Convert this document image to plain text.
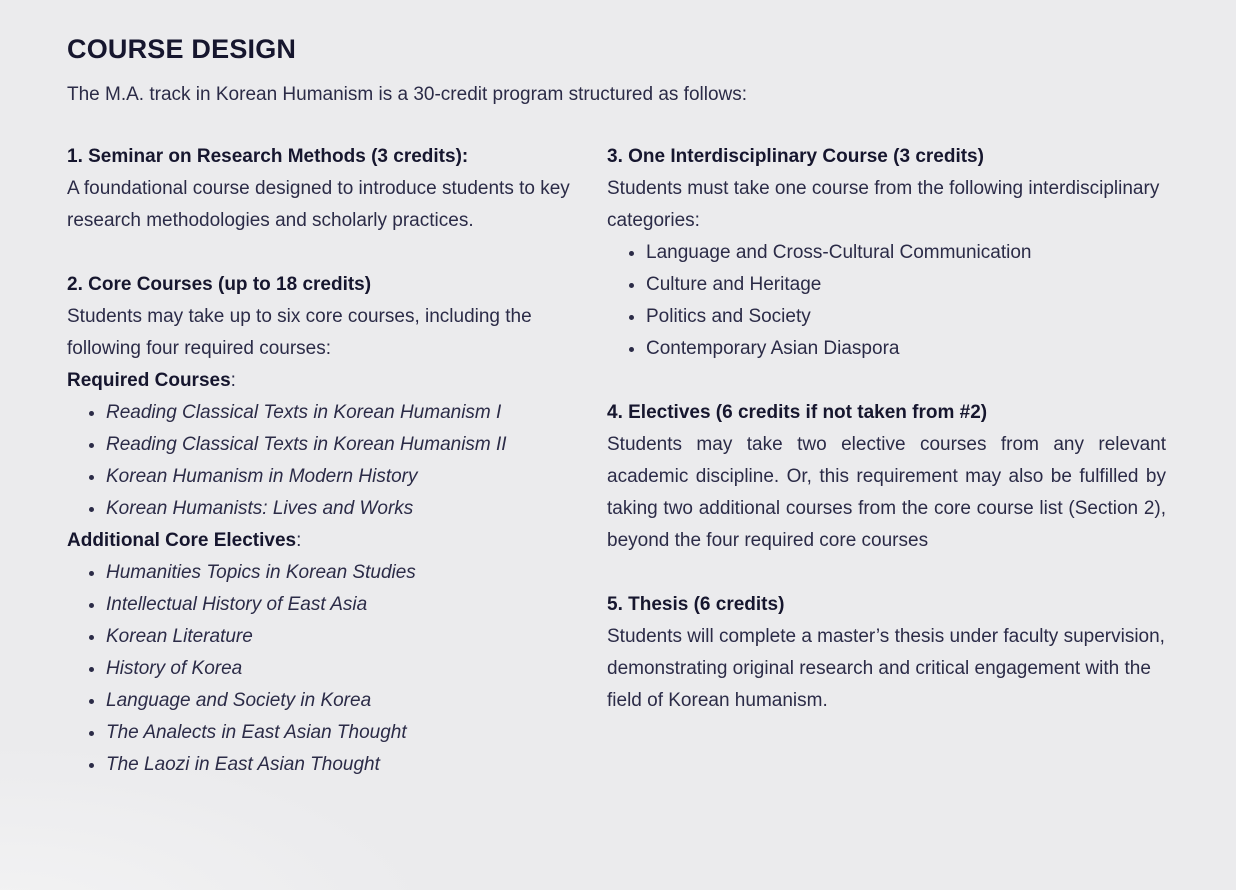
COURSE DESIGN

The M.A. track in Korean Humanism is a 30-credit program structured as follows:

1. Seminar on Research Methods (3 credits):

A foundational course designed to introduce students to key research methodologies and scholarly practices.

2. Core Courses (up to 18 credits)

Students may take up to six core courses, including the following four required courses:

Required Courses:

• Reading Classical Texts in Korean Humanism I
• Reading Classical Texts in Korean Humanism II
• Korean Humanism in Modern History
• Korean Humanists: Lives and Works

Additional Core Electives:

• Humanities Topics in Korean Studies
• Intellectual History of East Asia
• Korean Literature
• History of Korea
• Language and Society in Korea
• The Analects in East Asian Thought
• The Laozi in East Asian Thought
3. One Interdisciplinary Course (3 credits)

Students must take one course from the following interdisciplinary categories:

• Language and Cross-Cultural Communication
• Culture and Heritage
• Politics and Society
• Contemporary Asian Diaspora
4. Electives (6 credits if not taken from #2)

Students may take two elective courses from any relevant academic discipline. Or, this requirement may also be fulfilled by taking two additional courses from the core course list (Section 2), beyond the four required core courses

5. Thesis (6 credits)

Students will complete a master’s thesis under faculty supervision, demonstrating original research and critical engagement with the field of Korean humanism.
